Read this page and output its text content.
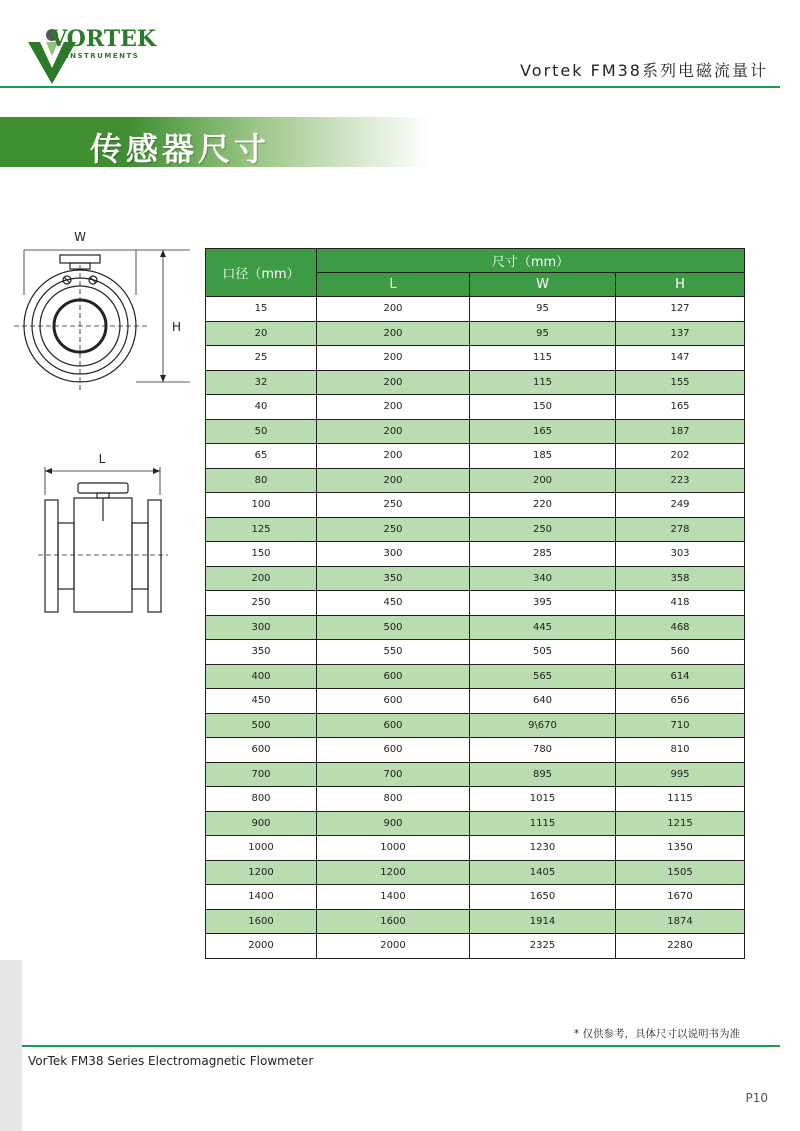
VORTEK
INSTRUMENTS
Vortek FM38系列电磁流量计
传感器尺寸
W
H
L
口径（mm）	尺寸（mm）		
	L	W	H
15	200	95	127
20	200	95	137
25	200	115	147
32	200	115	155
40	200	150	165
50	200	165	187
65	200	185	202
80	200	200	223
100	250	220	249
125	250	250	278
150	300	285	303
200	350	340	358
250	450	395	418
300	500	445	468
350	550	505	560
400	600	565	614
450	600	640	656
500	600	9\670	710
600	600	780	810
700	700	895	995
800	800	1015	1115
900	900	1115	1215
1000	1000	1230	1350
1200	1200	1405	1505
1400	1400	1650	1670
1600	1600	1914	1874
2000	2000	2325	2280
* 仅供参考，具体尺寸以说明书为准
VorTek FM38 Series Electromagnetic Flowmeter
P10
